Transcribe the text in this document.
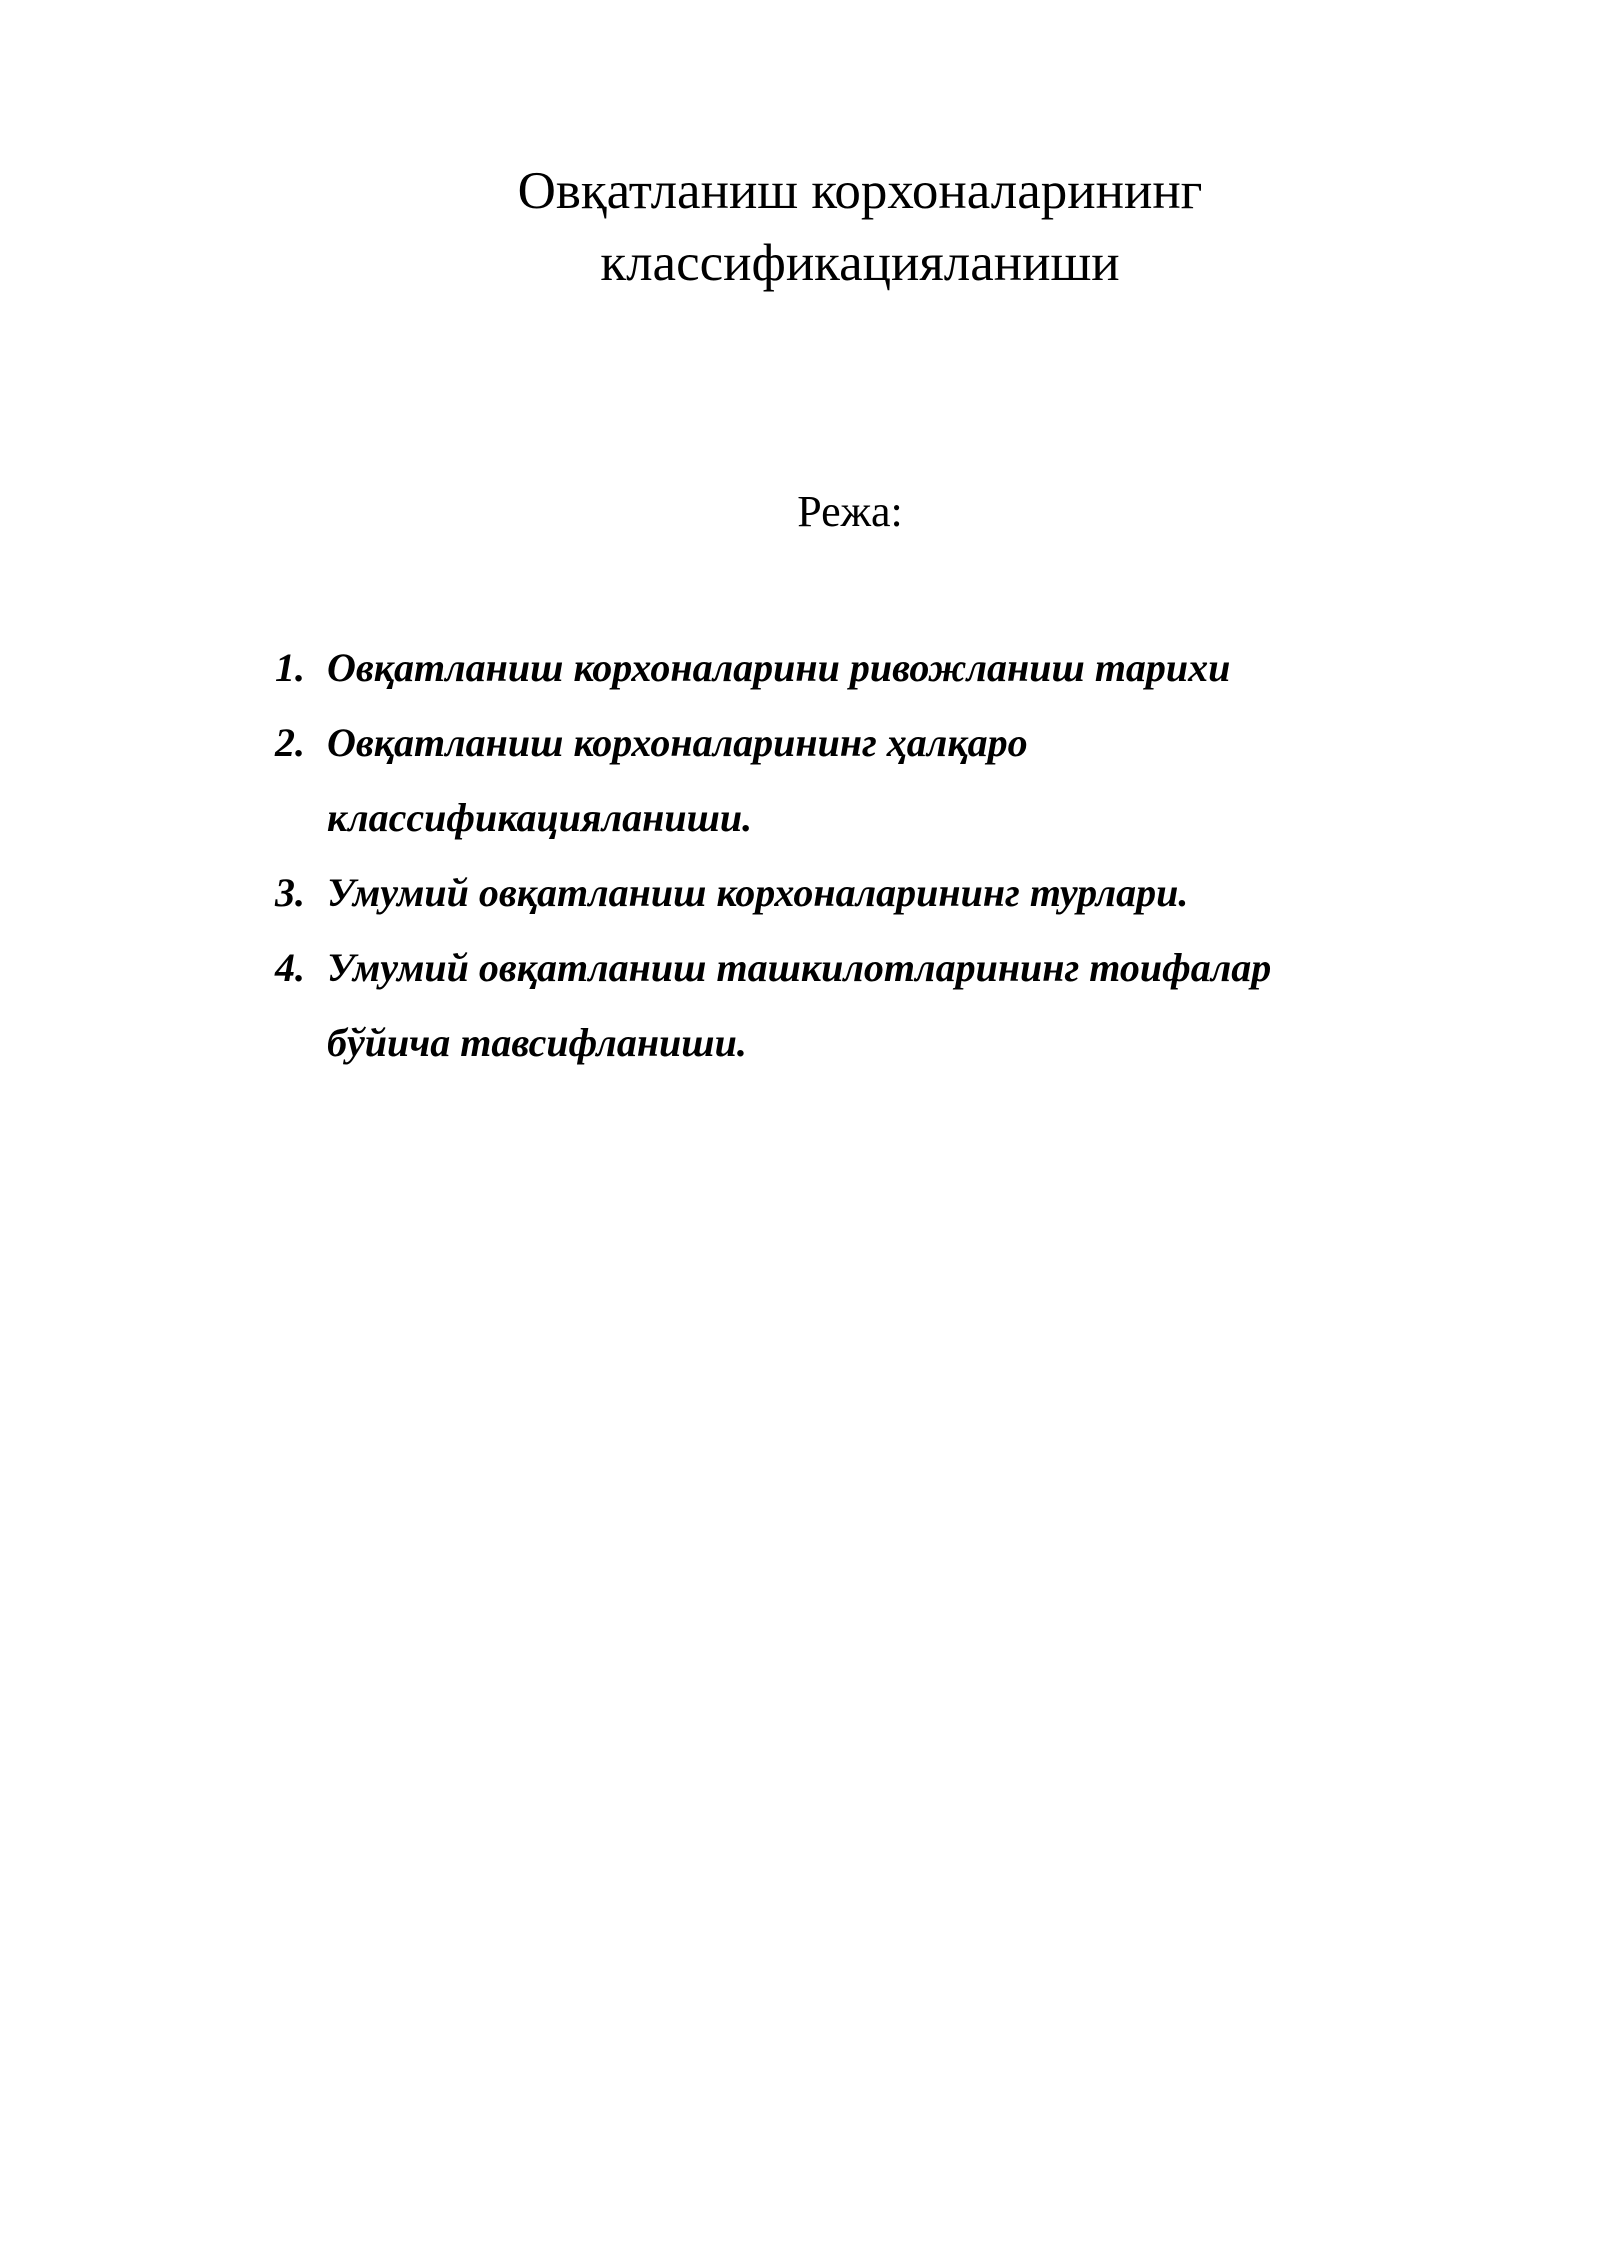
Овқатланиш корхоналарининг
классификацияланиши

Режа:

1. Овқатланиш корхоналарини ривожланиш тарихи
2. Овқатланиш корхоналарининг ҳалқаро
классификацияланиши.
3. Умумий овқатланиш корхоналарининг турлари.
4. Умумий овқатланиш ташкилотларининг тоифалар
бўйича тавсифланиши.
